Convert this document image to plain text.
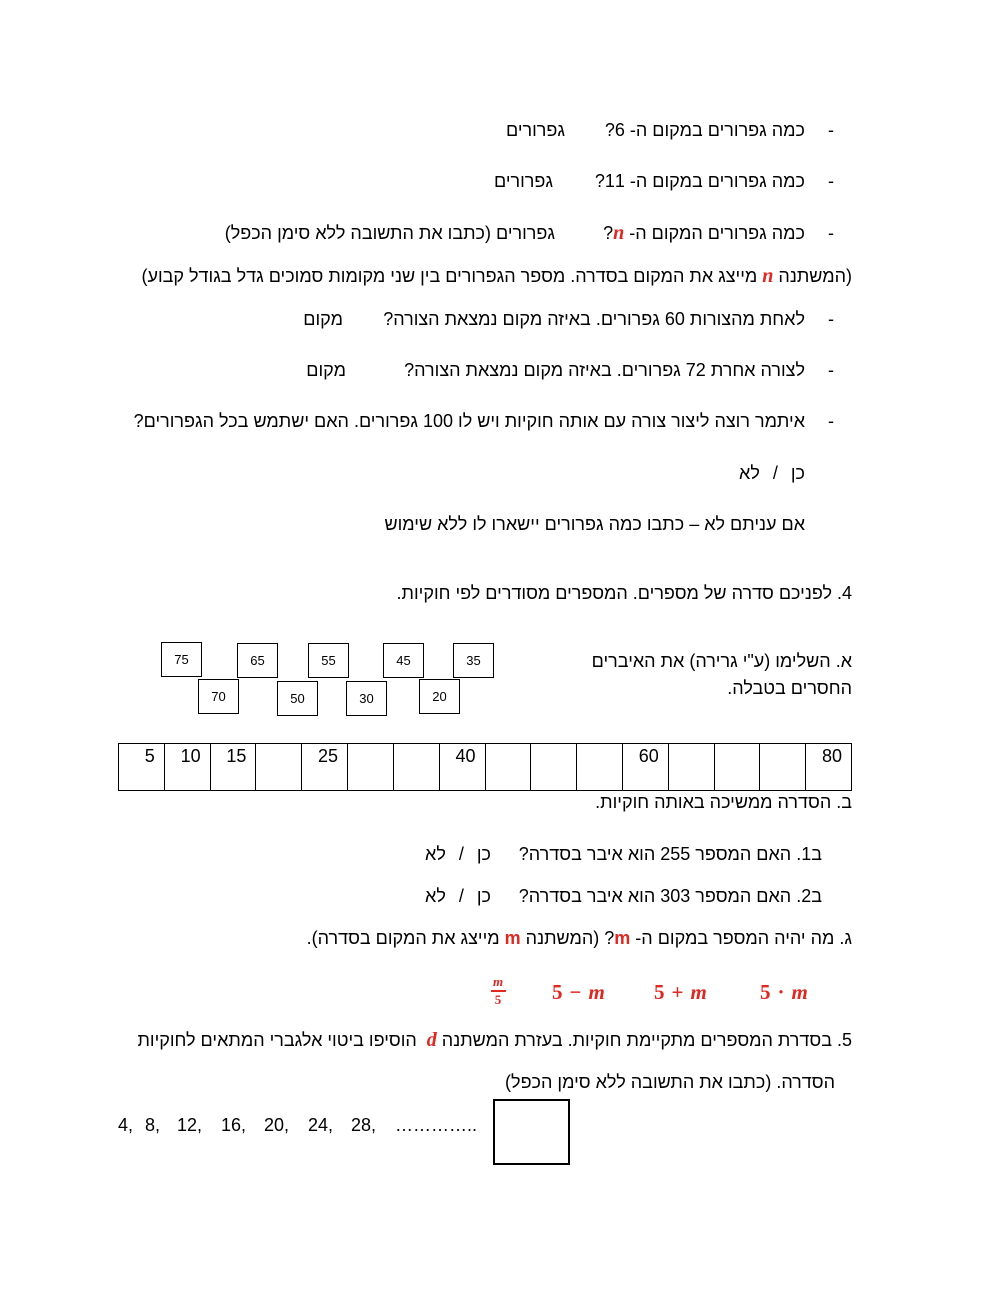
-
כמה גפרורים במקום ה- 6?
גפרורים
-
כמה גפרורים במקום ה- 11?
גפרורים
-
כמה גפרורים המקום ה- n?
גפרורים (כתבו את התשובה ללא סימן הכפל)
(המשתנה n מייצג את המקום בסדרה. מספר הגפרורים בין שני מקומות סמוכים גדל בגודל קבוע)
-
לאחת מהצורות 60 גפרורים. באיזה מקום נמצאת הצורה?
מקום
-
לצורה אחרת 72 גפרורים. באיזה מקום נמצאת הצורה?
מקום
-
איתמר רוצה ליצור צורה עם אותה חוקיות ויש לו 100 גפרורים. האם ישתמש בכל הגפרורים?
כן/לא
אם עניתם לא – כתבו כמה גפרורים יישארו לו ללא שימוש
4. לפניכם סדרה של מספרים. המספרים מסודרים לפי חוקיות.
א. השלימו (ע"י גרירה) את האיברים
החסרים בטבלה.
75	65	55	45	35
70	50	30	20
5	10	15		25			40				60				80
ב. הסדרה ממשיכה באותה חוקיות.
ב1. האם המספר 255 הוא איבר בסדרה?
כן/לא
ב2. האם המספר 303 הוא איבר בסדרה?
כן/לא
ג. מה יהיה המספר במקום ה- m? (המשתנה m מייצג את המקום בסדרה).
5 · m
5 + m
5 − m
m
5
5. בסדרת המספרים מתקיימת חוקיות. בעזרת המשתנה d  הוסיפו ביטוי אלגברי המתאים לחוקיות
הסדרה. (כתבו את התשובה ללא סימן הכפל)
4, 8, 12, 16, 20, 24, 28, …………..
